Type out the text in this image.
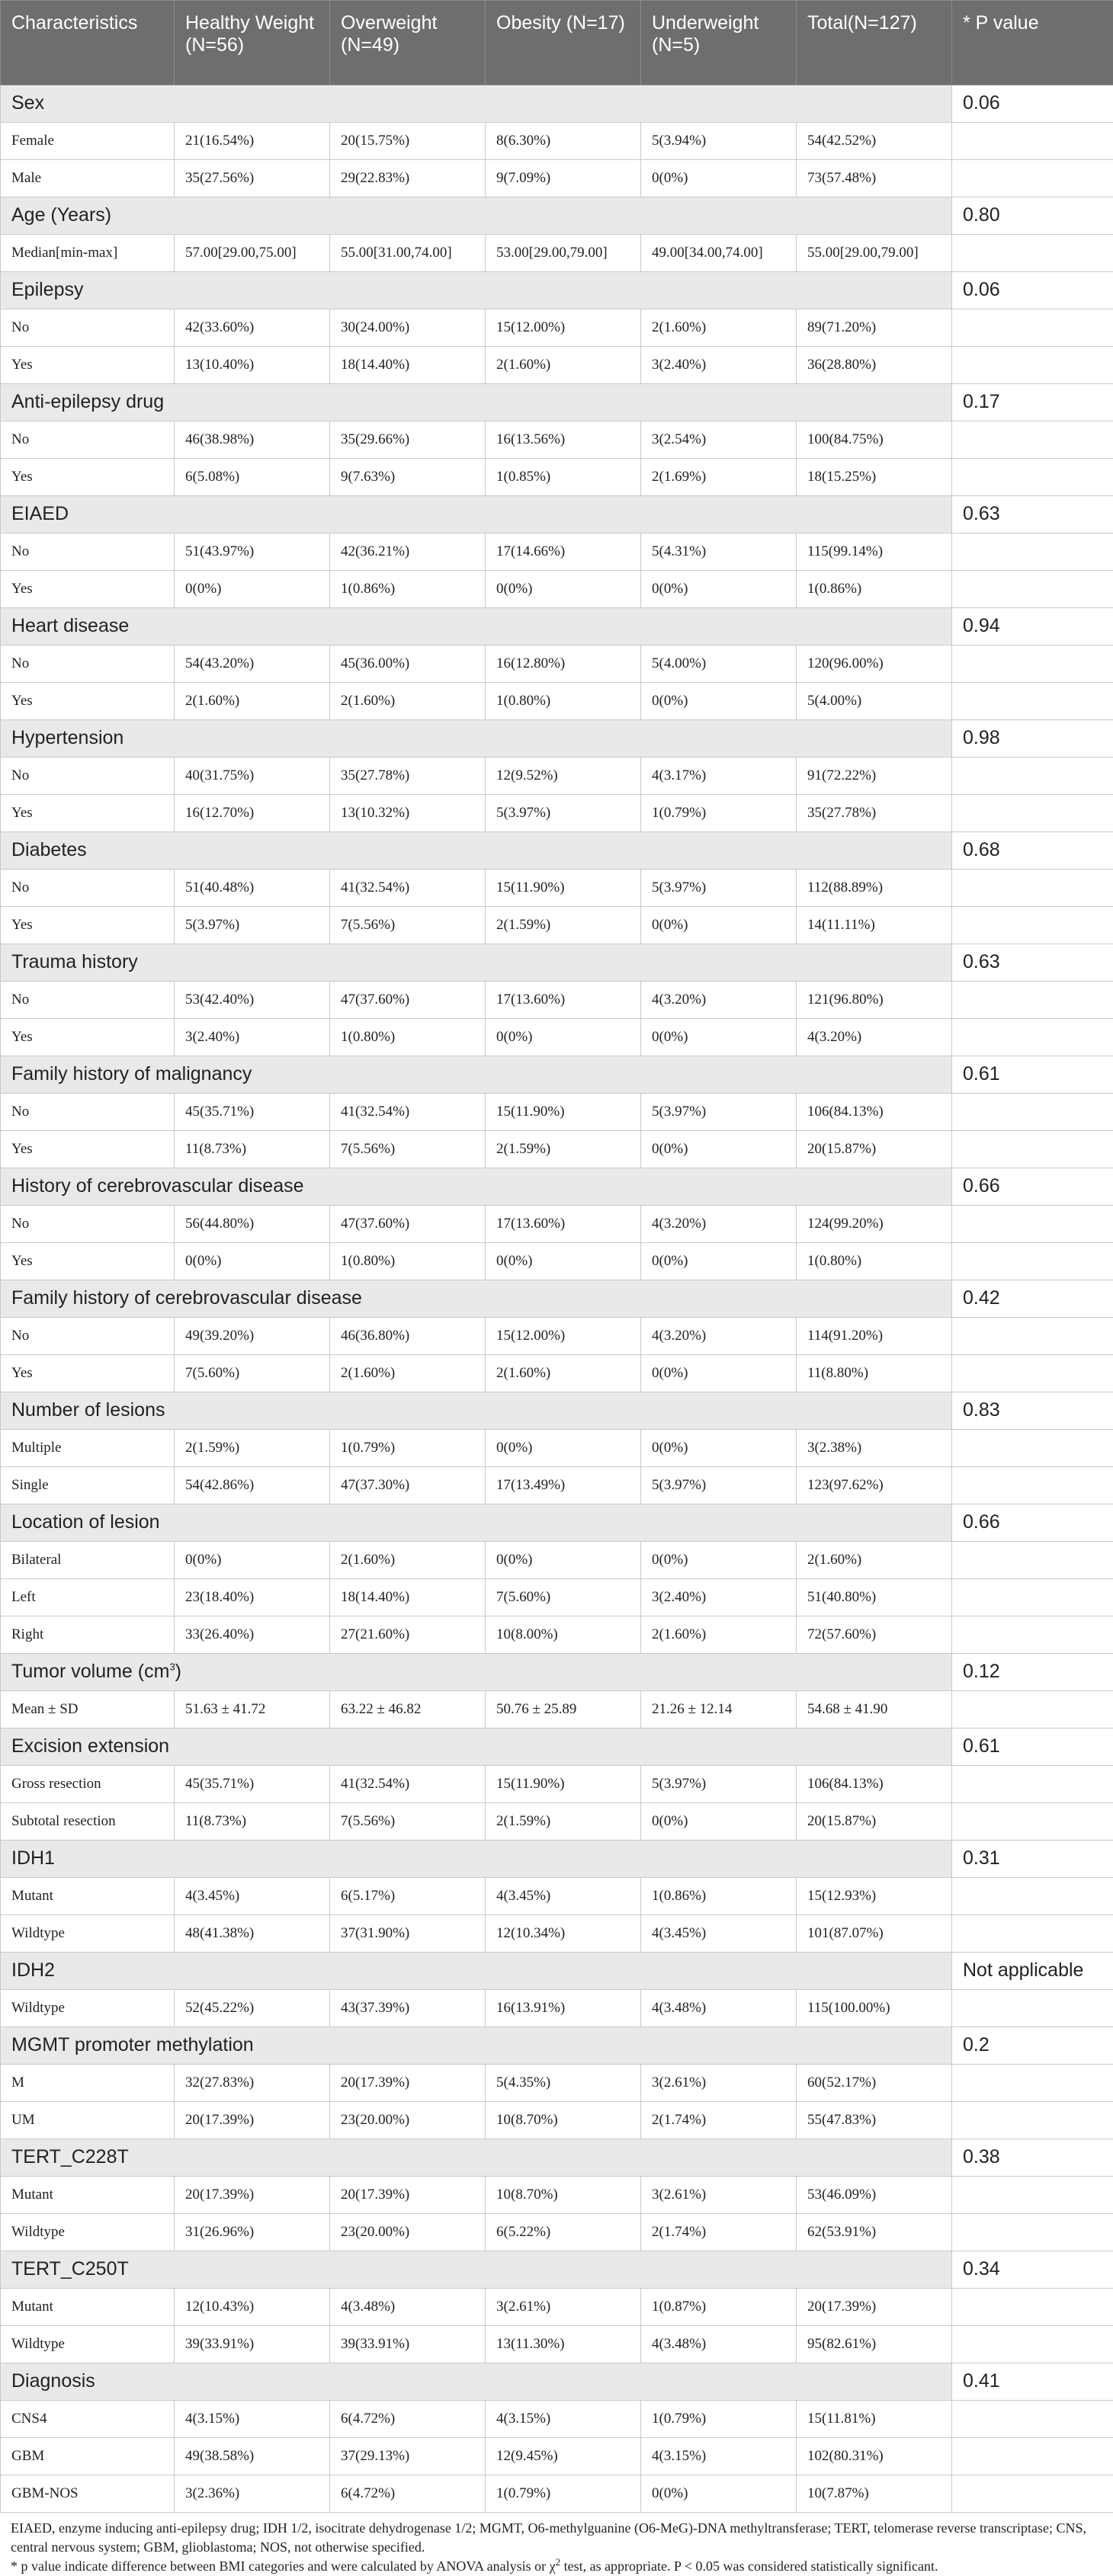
Characteristics	Healthy Weight (N=56)	Overweight (N=49)	Obesity (N=17)	Underweight (N=5)	Total(N=127)	* P value
Sex						0.06
Female	21(16.54%)	20(15.75%)	8(6.30%)	5(3.94%)	54(42.52%)	
Male	35(27.56%)	29(22.83%)	9(7.09%)	0(0%)	73(57.48%)	
Age (Years)						0.80
Median[min-max]	57.00[29.00,75.00]	55.00[31.00,74.00]	53.00[29.00,79.00]	49.00[34.00,74.00]	55.00[29.00,79.00]	
Epilepsy						0.06
No	42(33.60%)	30(24.00%)	15(12.00%)	2(1.60%)	89(71.20%)	
Yes	13(10.40%)	18(14.40%)	2(1.60%)	3(2.40%)	36(28.80%)	
Anti-epilepsy drug						0.17
No	46(38.98%)	35(29.66%)	16(13.56%)	3(2.54%)	100(84.75%)	
Yes	6(5.08%)	9(7.63%)	1(0.85%)	2(1.69%)	18(15.25%)	
EIAED						0.63
No	51(43.97%)	42(36.21%)	17(14.66%)	5(4.31%)	115(99.14%)	
Yes	0(0%)	1(0.86%)	0(0%)	0(0%)	1(0.86%)	
Heart disease						0.94
No	54(43.20%)	45(36.00%)	16(12.80%)	5(4.00%)	120(96.00%)	
Yes	2(1.60%)	2(1.60%)	1(0.80%)	0(0%)	5(4.00%)	
Hypertension						0.98
No	40(31.75%)	35(27.78%)	12(9.52%)	4(3.17%)	91(72.22%)	
Yes	16(12.70%)	13(10.32%)	5(3.97%)	1(0.79%)	35(27.78%)	
Diabetes						0.68
No	51(40.48%)	41(32.54%)	15(11.90%)	5(3.97%)	112(88.89%)	
Yes	5(3.97%)	7(5.56%)	2(1.59%)	0(0%)	14(11.11%)	
Trauma history						0.63
No	53(42.40%)	47(37.60%)	17(13.60%)	4(3.20%)	121(96.80%)	
Yes	3(2.40%)	1(0.80%)	0(0%)	0(0%)	4(3.20%)	
Family history of malignancy						0.61
No	45(35.71%)	41(32.54%)	15(11.90%)	5(3.97%)	106(84.13%)	
Yes	11(8.73%)	7(5.56%)	2(1.59%)	0(0%)	20(15.87%)	
History of cerebrovascular disease						0.66
No	56(44.80%)	47(37.60%)	17(13.60%)	4(3.20%)	124(99.20%)	
Yes	0(0%)	1(0.80%)	0(0%)	0(0%)	1(0.80%)	
Family history of cerebrovascular disease						0.42
No	49(39.20%)	46(36.80%)	15(12.00%)	4(3.20%)	114(91.20%)	
Yes	7(5.60%)	2(1.60%)	2(1.60%)	0(0%)	11(8.80%)	
Number of lesions						0.83
Multiple	2(1.59%)	1(0.79%)	0(0%)	0(0%)	3(2.38%)	
Single	54(42.86%)	47(37.30%)	17(13.49%)	5(3.97%)	123(97.62%)	
Location of lesion						0.66
Bilateral	0(0%)	2(1.60%)	0(0%)	0(0%)	2(1.60%)	
Left	23(18.40%)	18(14.40%)	7(5.60%)	3(2.40%)	51(40.80%)	
Right	33(26.40%)	27(21.60%)	10(8.00%)	2(1.60%)	72(57.60%)	
Tumor volume $(cm^3)$						0.12
Mean ± SD	51.63 ± 41.72	63.22 ± 46.82	50.76 ± 25.89	21.26 ± 12.14	54.68 ± 41.90	
Excision extension						0.61
Gross resection	45(35.71%)	41(32.54%)	15(11.90%)	5(3.97%)	106(84.13%)	
Subtotal resection	11(8.73%)	7(5.56%)	2(1.59%)	0(0%)	20(15.87%)	
IDH1						0.31
Mutant	4(3.45%)	6(5.17%)	4(3.45%)	1(0.86%)	15(12.93%)	
Wildtype	48(41.38%)	37(31.90%)	12(10.34%)	4(3.45%)	101(87.07%)	
IDH2						Not applicable
Wildtype	52(45.22%)	43(37.39%)	16(13.91%)	4(3.48%)	115(100.00%)	
MGMT promoter methylation						0.2
M	32(27.83%)	20(17.39%)	5(4.35%)	3(2.61%)	60(52.17%)	
UM	20(17.39%)	23(20.00%)	10(8.70%)	2(1.74%)	55(47.83%)	
TERT_C228T						0.38
Mutant	20(17.39%)	20(17.39%)	10(8.70%)	3(2.61%)	53(46.09%)	
Wildtype	31(26.96%)	23(20.00%)	6(5.22%)	2(1.74%)	62(53.91%)	
TERT_C250T						0.34
Mutant	12(10.43%)	4(3.48%)	3(2.61%)	1(0.87%)	20(17.39%)	
Wildtype	39(33.91%)	39(33.91%)	13(11.30%)	4(3.48%)	95(82.61%)	
Diagnosis						0.41
CNS4	4(3.15%)	6(4.72%)	4(3.15%)	1(0.79%)	15(11.81%)	
GBM	49(38.58%)	37(29.13%)	12(9.45%)	4(3.15%)	102(80.31%)	
GBM-NOS	3(2.36%)	6(4.72%)	1(0.79%)	0(0%)	10(7.87%)	
EIAED, enzyme inducing anti-epilepsy drug; IDH 1/2, isocitrate dehydrogenase 1/2; MGMT, O6-methylguanine (O6-MeG)-DNA methyltransferase; TERT, telomerase reverse transcriptase; CNS, central nervous system; GBM, glioblastoma; NOS, not otherwise specified.
* p value indicate difference between BMI categories and were calculated by ANOVA analysis or $\chi^2$ test, as appropriate. P < 0.05 was considered statistically significant.
